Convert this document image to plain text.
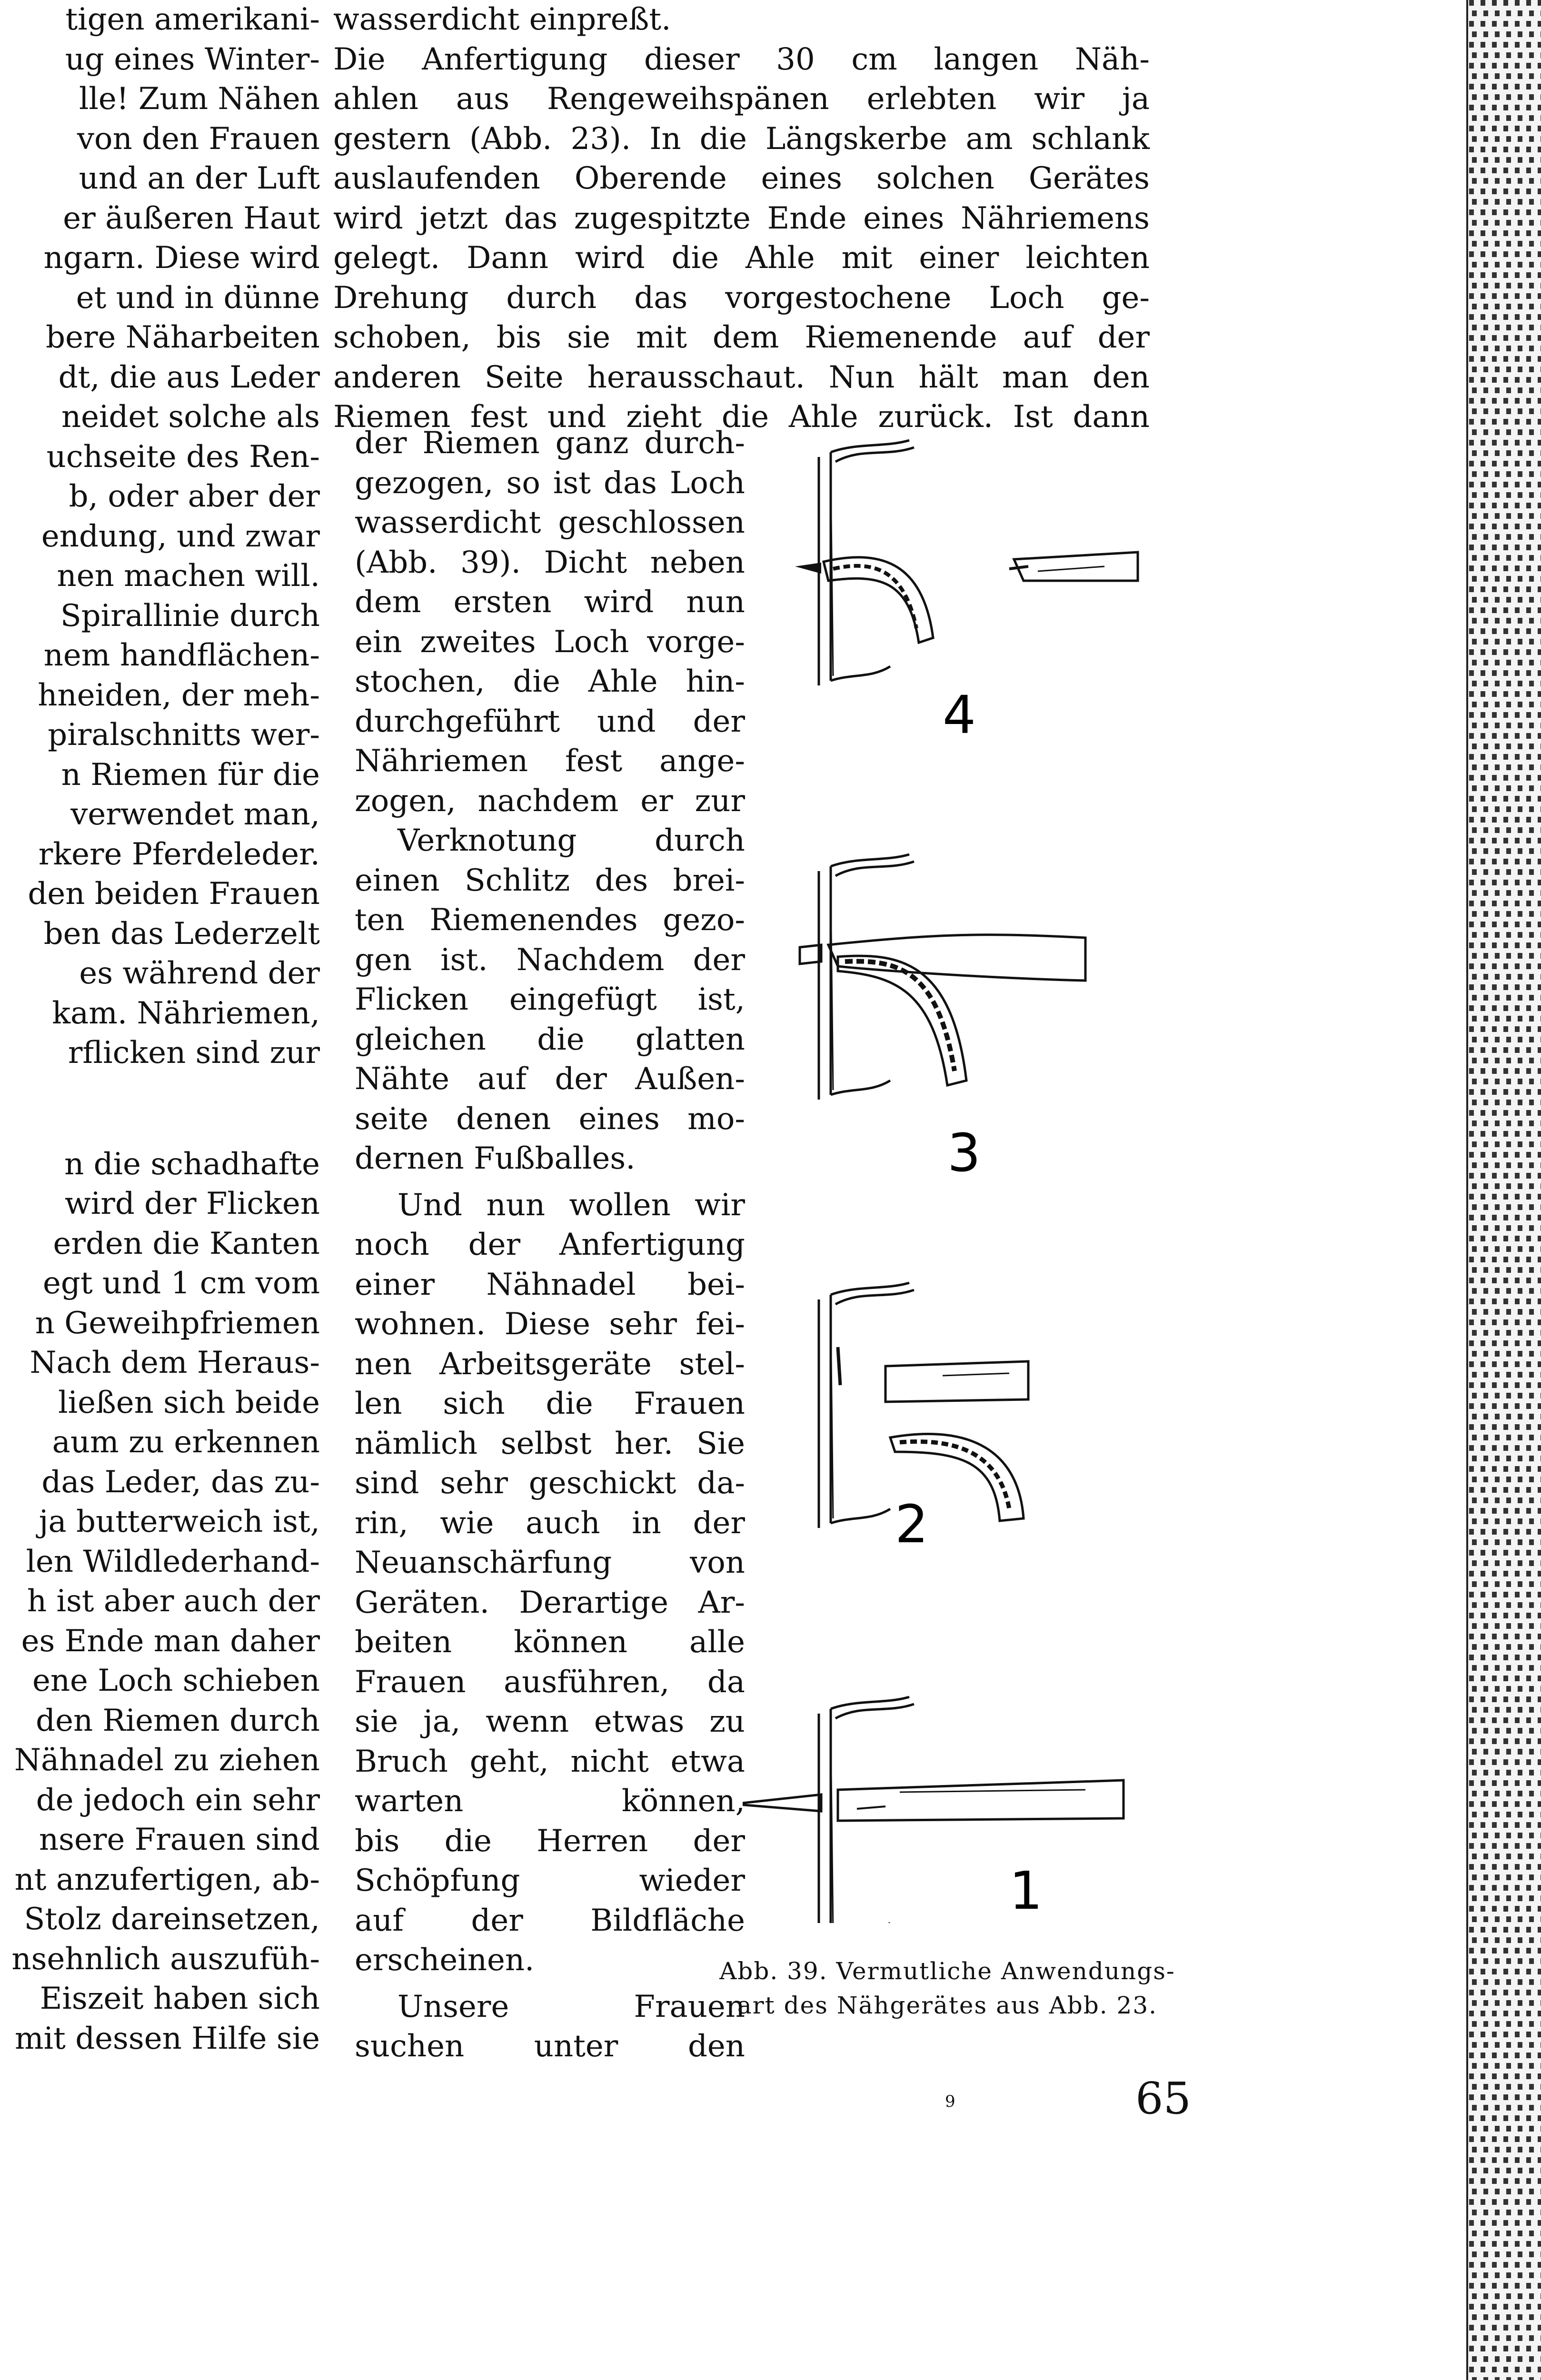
tigen amerikani-
ug eines Winter-
lle! Zum Nähen
von den Frauen
und an der Luft
er äußeren Haut
ngarn. Diese wird
et und in dünne
bere Näharbeiten
dt, die aus Leder
neidet solche als
uchseite des Ren-
b, oder aber der
endung, und zwar
nen machen will.
Spirallinie durch
nem handflächen-
hneiden, der meh-
piralschnitts wer-
n Riemen für die
verwendet man,
rkere Pferdeleder.
den beiden Frauen
ben das Lederzelt
es während der
kam. Nähriemen,
rflicken sind zur
n die schadhafte
wird der Flicken
erden die Kanten
egt und 1 cm vom
n Geweihpfriemen
Nach dem Heraus-
ließen sich beide
aum zu erkennen
das Leder, das zu-
ja butterweich ist,
len Wildlederhand-
h ist aber auch der
es Ende man daher
ene Loch schieben
den Riemen durch
Nähnadel zu ziehen
de jedoch ein sehr
nsere Frauen sind
nt anzufertigen, ab-
Stolz dareinsetzen,
nsehnlich auszufüh-
Eiszeit haben sich
mit dessen Hilfe sie
wasserdicht einpreßt.
Die Anfertigung dieser 30 cm langen Näh-
ahlen aus Rengeweihspänen erlebten wir ja
gestern (Abb. 23). In die Längskerbe am schlank
auslaufenden Oberende eines solchen Gerätes
wird jetzt das zugespitzte Ende eines Nähriemens
gelegt. Dann wird die Ahle mit einer leichten
Drehung durch das vorgestochene Loch ge-
schoben, bis sie mit dem Riemenende auf der
anderen Seite herausschaut. Nun hält man den
Riemen fest und zieht die Ahle zurück. Ist dann
der Riemen ganz durch-
gezogen, so ist das Loch
wasserdicht geschlossen
(Abb. 39). Dicht neben
dem ersten wird nun
ein zweites Loch vorge-
stochen, die Ahle hin-
durchgeführt und der
Nähriemen fest ange-
zogen, nachdem er zur
Verknotung durch
einen Schlitz des brei-
ten Riemenendes gezo-
gen ist. Nachdem der
Flicken eingefügt ist,
gleichen die glatten
Nähte auf der Außen-
seite denen eines mo-
dernen Fußballes.
Und nun wollen wir
noch der Anfertigung
einer Nähnadel bei-
wohnen. Diese sehr fei-
nen Arbeitsgeräte stel-
len sich die Frauen
nämlich selbst her. Sie
sind sehr geschickt da-
rin, wie auch in der
Neuanschärfung von
Geräten. Derartige Ar-
beiten können alle
Frauen ausführen, da
sie ja, wenn etwas zu
Bruch geht, nicht etwa
warten können,
bis die Herren der
Schöpfung wieder
auf der Bildfläche
erscheinen.
Unsere Frauen
suchen unter den
4
3
2
1
Abb. 39. Vermutliche Anwendungs-
art des Nähgerätes aus Abb. 23.
9	65
